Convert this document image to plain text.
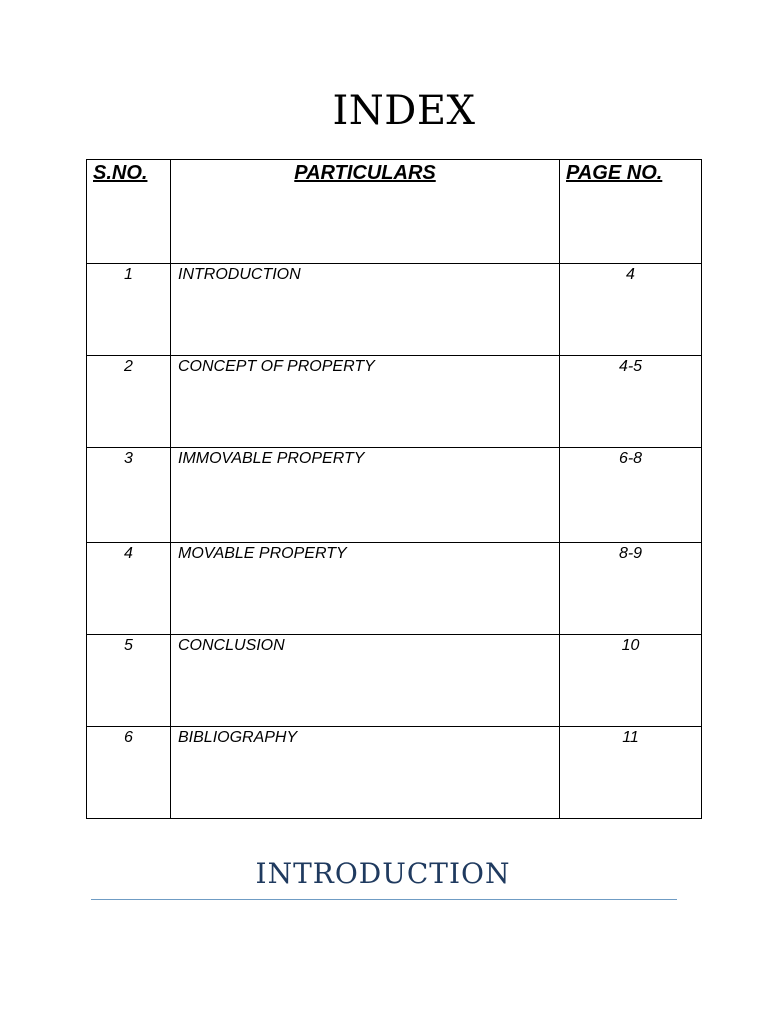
INDEX
S.NO.	PARTICULARS	PAGE NO.
1	INTRODUCTION	4
2	CONCEPT OF PROPERTY	4-5
3	IMMOVABLE PROPERTY	6-8
4	MOVABLE PROPERTY	8-9
5	CONCLUSION	10
6	BIBLIOGRAPHY	11
INTRODUCTION
